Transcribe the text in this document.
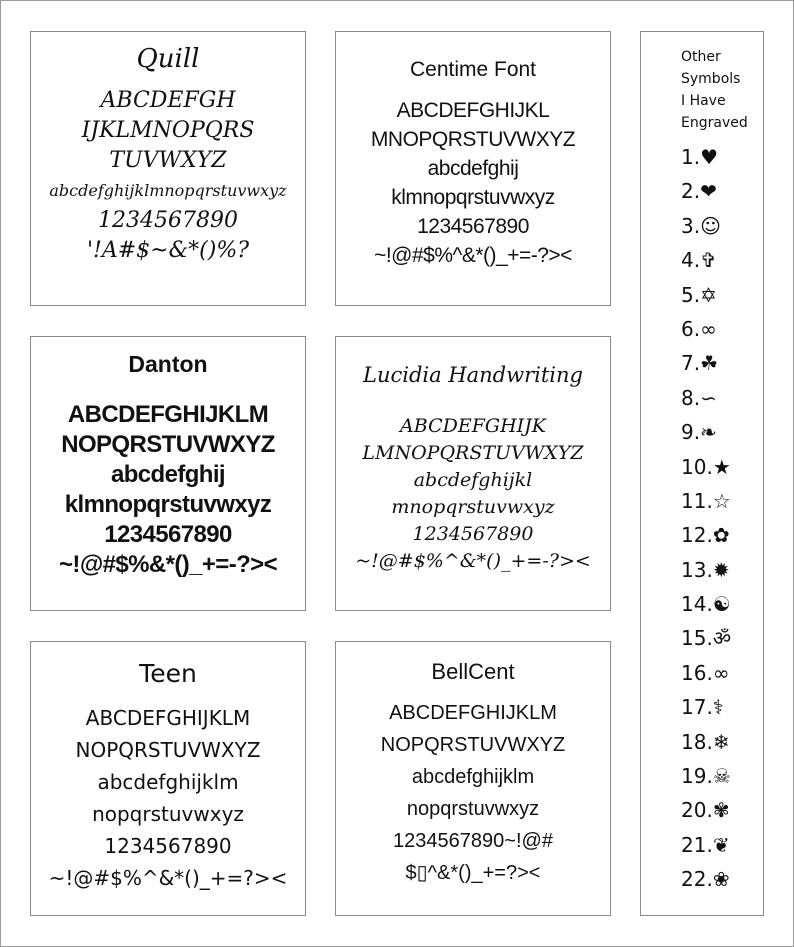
Quill
ABCDEFGH
IJKLMNOPQRS
TUVWXYZ
abcdefghijklmnopqrstuvwxyz
1234567890
'!A#$~&*()%?
Centime Font
ABCDEFGHIJKL
MNOPQRSTUVWXYZ
abcdefghij
klmnopqrstuvwxyz
1234567890
~!@#$%^&*()_+=-?><
Danton
ABCDEFGHIJKLM
NOPQRSTUVWXYZ
abcdefghij
klmnopqrstuvwxyz
1234567890
~!@#$%&*()_+=-?><
Lucidia Handwriting
ABCDEFGHIJK
LMNOPQRSTUVWXYZ
abcdefghijkl
mnopqrstuvwxyz
1234567890
~!@#$%^&*()_+=-?><
Teen
ABCDEFGHIJKLM
NOPQRSTUVWXYZ
abcdefghijklm
nopqrstuvwxyz
1234567890
~!@#$%^&*()_+=?><
BellCent
ABCDEFGHIJKLM
NOPQRSTUVWXYZ
abcdefghijklm
nopqrstuvwxyz
1234567890~!@#
$▯^&*()_+=?><
Other
Symbols
I Have
Engraved
1.♥
2.❤
3.☺
4.✞
5.✡
6.∞
7.☘
8.∽
9.❧
10.★
11.☆
12.✿
13.✹
14.☯
15.ॐ
16.∞
17.⚕
18.❄
19.☠
20.✾
21.❦
22.❀
